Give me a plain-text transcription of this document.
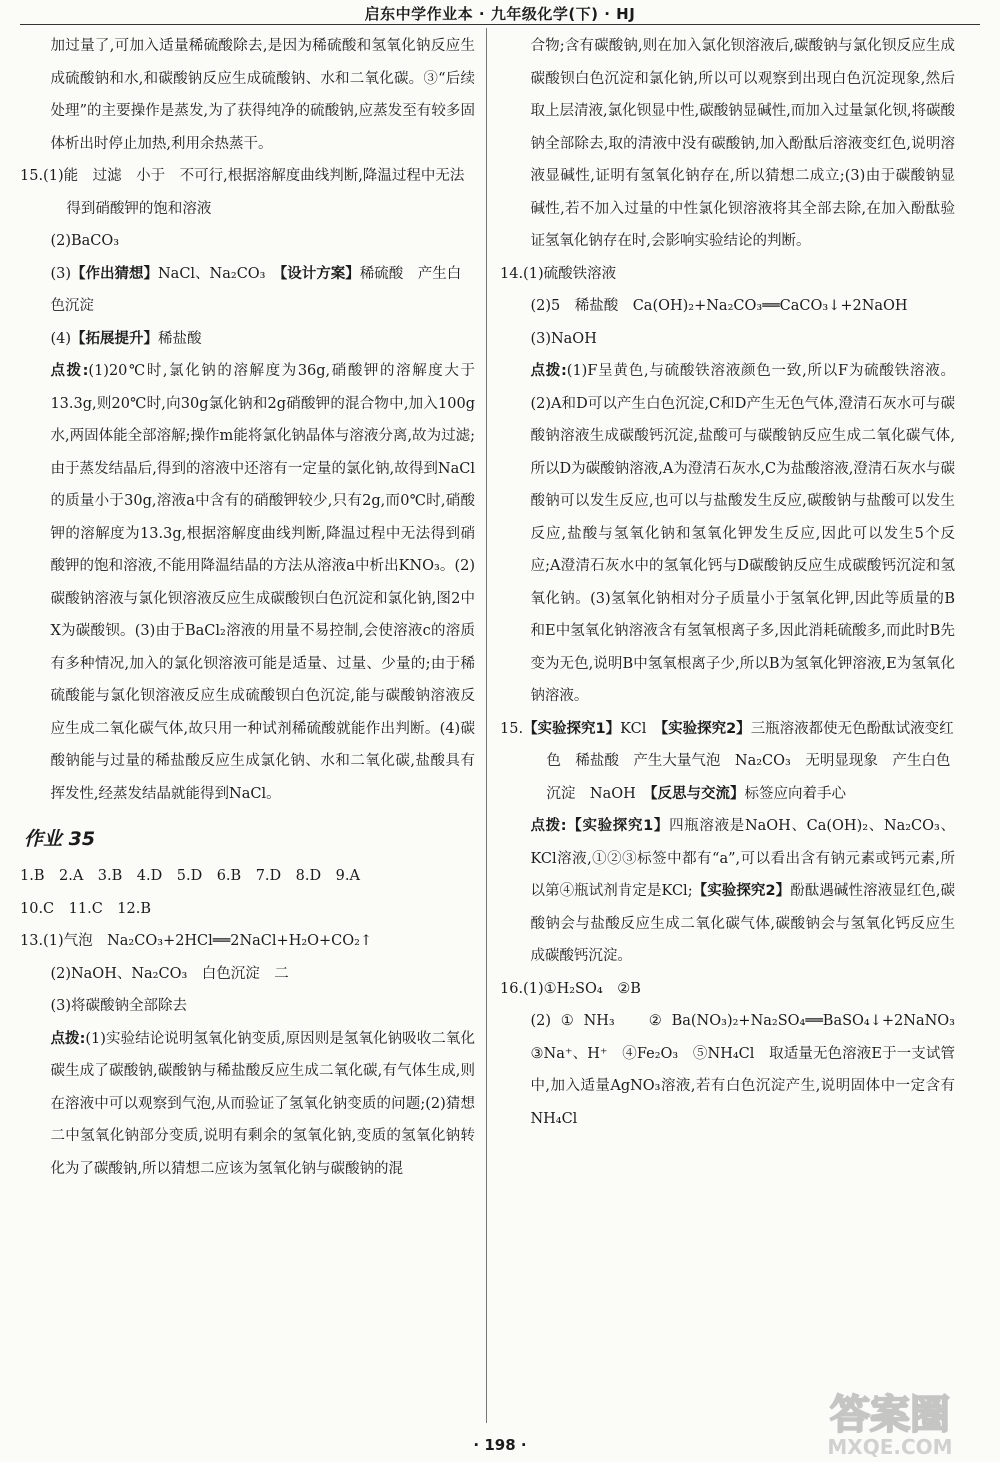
启东中学作业本 · 九年级化学(下) · HJ

加过量了,可加入适量稀硫酸除去,是因为稀硫酸和氢氧化钠反应生成硫酸钠和水,和碳酸钠反应生成硫酸钠、水和二氧化碳。③“后续处理”的主要操作是蒸发,为了获得纯净的硫酸钠,应蒸发至有较多固体析出时停止加热,利用余热蒸干。

15.(1)能　过滤　小于　不可行,根据溶解度曲线判断,降温过程中无法得到硝酸钾的饱和溶液

(2)BaCO₃

(3)【作出猜想】NaCl、Na₂CO₃　【设计方案】稀硫酸　产生白色沉淀

(4)【拓展提升】稀盐酸

点拨:(1)20℃时,氯化钠的溶解度为36g,硝酸钾的溶解度大于13.3g,则20℃时,向30g氯化钠和2g硝酸钾的混合物中,加入100g水,两固体能全部溶解;操作m能将氯化钠晶体与溶液分离,故为过滤;由于蒸发结晶后,得到的溶液中还溶有一定量的氯化钠,故得到NaCl的质量小于30g,溶液a中含有的硝酸钾较少,只有2g,而0℃时,硝酸钾的溶解度为13.3g,根据溶解度曲线判断,降温过程中无法得到硝酸钾的饱和溶液,不能用降温结晶的方法从溶液a中析出KNO₃。(2)碳酸钠溶液与氯化钡溶液反应生成碳酸钡白色沉淀和氯化钠,图2中X为碳酸钡。(3)由于BaCl₂溶液的用量不易控制,会使溶液c的溶质有多种情况,加入的氯化钡溶液可能是适量、过量、少量的;由于稀硫酸能与氯化钡溶液反应生成硫酸钡白色沉淀,能与碳酸钠溶液反应生成二氧化碳气体,故只用一种试剂稀硫酸就能作出判断。(4)碳酸钠能与过量的稀盐酸反应生成氯化钠、水和二氧化碳,盐酸具有挥发性,经蒸发结晶就能得到NaCl。

作业 35

1.B　2.A　3.B　4.D　5.D　6.B　7.D　8.D　9.A

10.C　11.C　12.B

13.(1)气泡　Na₂CO₃+2HCl══2NaCl+H₂O+CO₂↑

(2)NaOH、Na₂CO₃　白色沉淀　二

(3)将碳酸钠全部除去

点拨:(1)实验结论说明氢氧化钠变质,原因则是氢氧化钠吸收二氧化碳生成了碳酸钠,碳酸钠与稀盐酸反应生成二氧化碳,有气体生成,则在溶液中可以观察到气泡,从而验证了氢氧化钠变质的问题;(2)猜想二中氢氧化钠部分变质,说明有剩余的氢氧化钠,变质的氢氧化钠转化为了碳酸钠,所以猜想二应该为氢氧化钠与碳酸钠的混

合物;含有碳酸钠,则在加入氯化钡溶液后,碳酸钠与氯化钡反应生成碳酸钡白色沉淀和氯化钠,所以可以观察到出现白色沉淀现象,然后取上层清液,氯化钡显中性,碳酸钠显碱性,而加入过量氯化钡,将碳酸钠全部除去,取的清液中没有碳酸钠,加入酚酞后溶液变红色,说明溶液显碱性,证明有氢氧化钠存在,所以猜想二成立;(3)由于碳酸钠显碱性,若不加入过量的中性氯化钡溶液将其全部去除,在加入酚酞验证氢氧化钠存在时,会影响实验结论的判断。

14.(1)硫酸铁溶液

(2)5　稀盐酸　Ca(OH)₂+Na₂CO₃══CaCO₃↓+2NaOH

(3)NaOH

点拨:(1)F呈黄色,与硫酸铁溶液颜色一致,所以F为硫酸铁溶液。(2)A和D可以产生白色沉淀,C和D产生无色气体,澄清石灰水可与碳酸钠溶液生成碳酸钙沉淀,盐酸可与碳酸钠反应生成二氧化碳气体,所以D为碳酸钠溶液,A为澄清石灰水,C为盐酸溶液,澄清石灰水与碳酸钠可以发生反应,也可以与盐酸发生反应,碳酸钠与盐酸可以发生反应,盐酸与氢氧化钠和氢氧化钾发生反应,因此可以发生5个反应;A澄清石灰水中的氢氧化钙与D碳酸钠反应生成碳酸钙沉淀和氢氧化钠。(3)氢氧化钠相对分子质量小于氢氧化钾,因此等质量的B和E中氢氧化钠溶液含有氢氧根离子多,因此消耗硫酸多,而此时B先变为无色,说明B中氢氧根离子少,所以B为氢氧化钾溶液,E为氢氧化钠溶液。

15.【实验探究1】KCl　【实验探究2】三瓶溶液都使无色酚酞试液变红色　稀盐酸　产生大量气泡　Na₂CO₃　无明显现象　产生白色沉淀　NaOH　【反思与交流】标签应向着手心

点拨:【实验探究1】四瓶溶液是NaOH、Ca(OH)₂、Na₂CO₃、KCl溶液,①②③标签中都有“a”,可以看出含有钠元素或钙元素,所以第④瓶试剂肯定是KCl;【实验探究2】酚酞遇碱性溶液显红色,碳酸钠会与盐酸反应生成二氧化碳气体,碳酸钠会与氢氧化钙反应生成碳酸钙沉淀。

16.(1)①H₂SO₄　②B

(2)①NH₃　②Ba(NO₃)₂+Na₂SO₄══BaSO₄↓+2NaNO₃　③Na⁺、H⁺　④Fe₂O₃　⑤NH₄Cl　取适量无色溶液E于一支试管中,加入适量AgNO₃溶液,若有白色沉淀产生,说明固体中一定含有NH₄Cl

· 198 ·
答案圈
MXQE.COM
